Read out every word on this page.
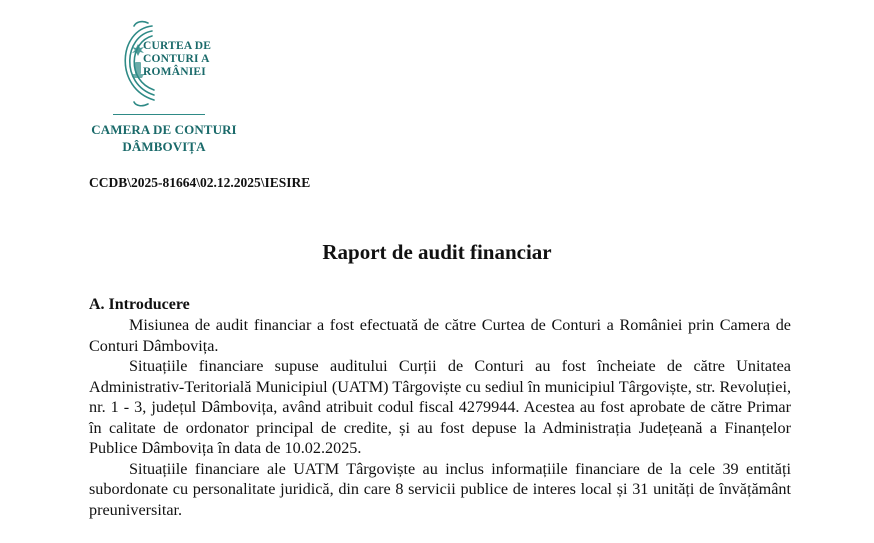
CURTEA DE
CONTURI A
ROMÂNIEI
CAMERA DE CONTURI
DÂMBOVIȚA
CCDB\2025-81664\02.12.2025\IESIRE
Raport de audit financiar
A. Introducere

Misiunea de audit financiar a fost efectuată de către Curtea de Conturi a României prin Camera de Conturi Dâmbovița.

Situațiile financiare supuse auditului Curții de Conturi au fost încheiate de către Unitatea Administrativ-Teritorială Municipiul (UATM) Târgoviște cu sediul în municipiul Târgoviște, str. Revoluției, nr. 1 - 3, județul Dâmbovița, având atribuit codul fiscal 4279944. Acestea au fost aprobate de către Primar în calitate de ordonator principal de credite, și au fost depuse la Administrația Județeană a Finanțelor Publice Dâmbovița în data de 10.02.2025.

Situațiile financiare ale UATM Târgoviște au inclus informațiile financiare de la cele 39 entități subordonate cu personalitate juridică, din care 8 servicii publice de interes local și 31 unități de învățământ preuniversitar.
